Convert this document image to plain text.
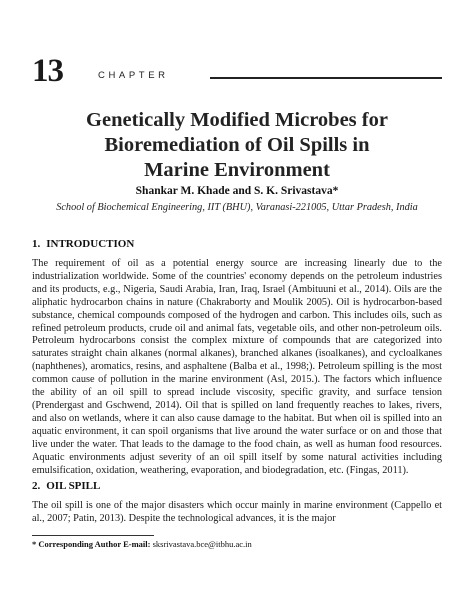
13	CHAPTER
Genetically Modified Microbes for
Bioremediation of Oil Spills in
Marine Environment

Shankar M. Khade and S. K. Srivastava*

School of Biochemical Engineering, IIT (BHU), Varanasi-221005, Uttar Pradesh, India

1. INTRODUCTION

The requirement of oil as a potential energy source are increasing linearly due to the industrialization worldwide. Some of the countries' economy depends on the petroleum industries and its products, e.g., Nigeria, Saudi Arabia, Iran, Iraq, Israel (Ambituuni et al., 2014). Oils are the aliphatic hydrocarbon chains in nature (Chakraborty and Moulik 2005). Oil is hydrocarbon-based substance, chemical compounds composed of the hydrogen and carbon. This includes oils, such as refined petroleum products, crude oil and animal fats, vegetable oils, and other non-petroleum oils. Petroleum hydrocarbons consist the complex mixture of compounds that are categorized into saturates straight chain alkanes (normal alkanes), branched alkanes (isoalkanes), and cycloalkanes (naphthenes), aromatics, resins, and asphaltene (Balba et al., 1998;). Petroleum spilling is the most common cause of pollution in the marine environment (Asl, 2015.). The factors which influence the ability of an oil spill to spread include viscosity, specific gravity, and surface tension (Prendergast and Gschwend, 2014). Oil that is spilled on land frequently reaches to lakes, rivers, and also on wetlands, where it can also cause damage to the habitat. But when oil is spilled into an aquatic environment, it can spoil organisms that live around the water surface or on and those that live under the water. That leads to the damage to the food chain, as well as human food resources. Aquatic environments adjust severity of an oil spill itself by some natural activities including emulsification, oxidation, weathering, evaporation, and biodegradation, etc. (Fingas, 2011).

2. OIL SPILL

The oil spill is one of the major disasters which occur mainly in marine environment (Cappello et al., 2007; Patin, 2013). Despite the technological advances, it is the major

* Corresponding Author E-mail: sksrivastava.bce@itbhu.ac.in
